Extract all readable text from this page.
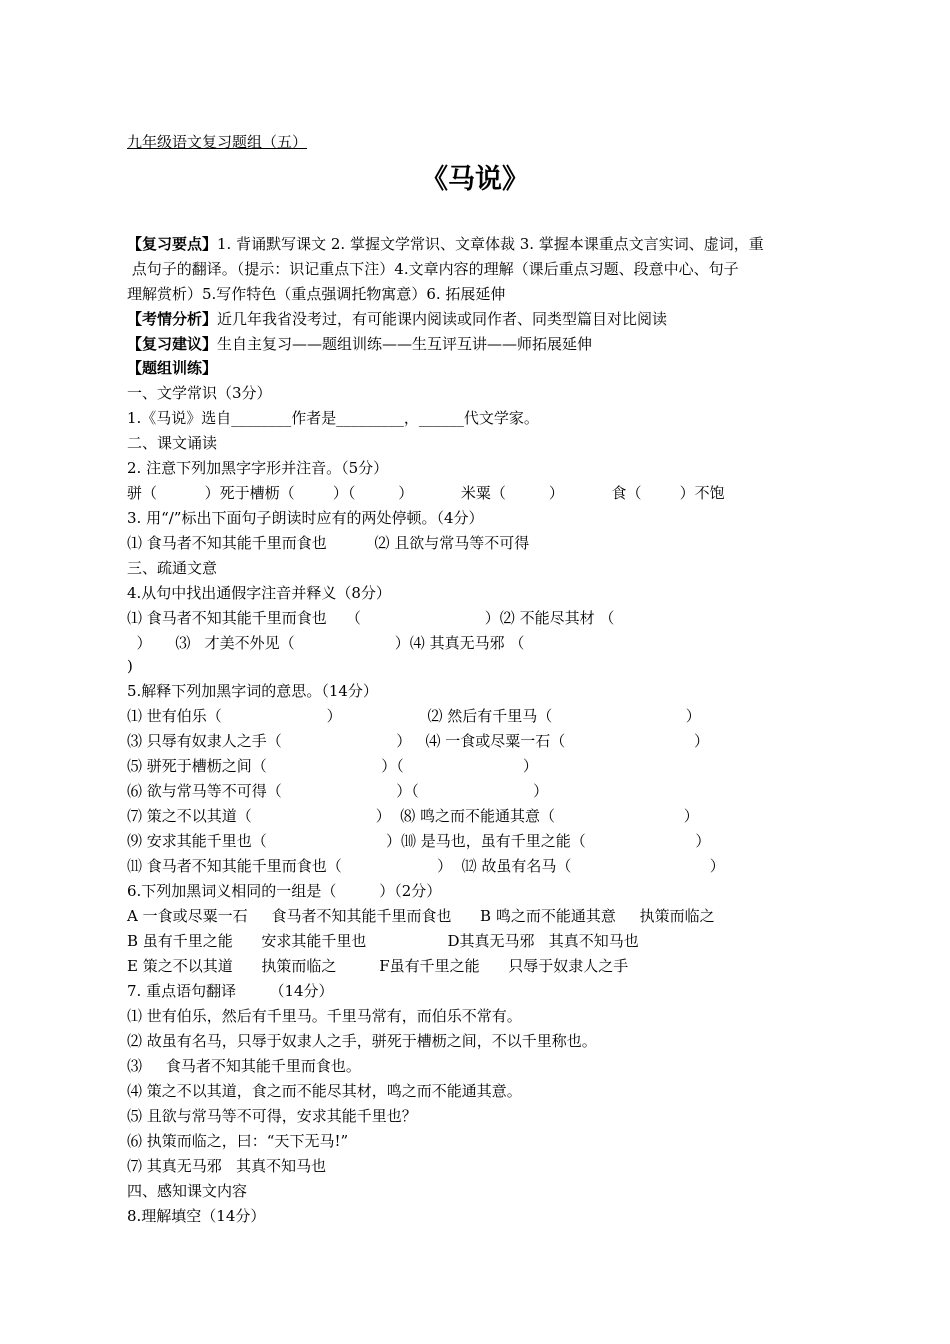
九年级语文复习题组（五）
《马说》
【复习要点】1. 背诵默写课文 2. 掌握文学常识、文章体裁 3. 掌握本课重点文言实词、虚词，重
点句子的翻译。（提示：识记重点下注）4.文章内容的理解（课后重点习题、段意中心、句子
理解赏析）5.写作特色（重点强调托物寓意）6. 拓展延伸
【考情分析】近几年我省没考过，有可能课内阅读或同作者、同类型篇目对比阅读
【复习建议】生自主复习——题组训练——生互评互讲——师拓展延伸
【题组训练】
一、文学常识（3分）
1.《马说》选自________作者是_________，______代文学家。
二、课文诵读
2. 注意下列加黑字字形并注音。（5分）
骈（          ）死于槽枥（        ）（         ）          米粟（         ）          食（        ）不饱
3. 用“/”标出下面句子朗读时应有的两处停顿。（4分）
⑴ 食马者不知其能千里而食也          ⑵ 且欲与常马等不可得
三、疏通文意
4.从句中找出通假字注音并释义（8分）
⑴ 食马者不知其能千里而食也    （                          ）⑵ 不能尽其材 （
）     ⑶   才美不外见（                     ）⑷ 其真无马邪 （
)
5.解释下列加黑字词的意思。（14分）
⑴ 世有伯乐（                      ）                  ⑵ 然后有千里马（                            ）
⑶ 只辱有奴隶人之手（                        ）   ⑷ 一食或尽粟一石（                           ）
⑸ 骈死于槽枥之间（                        ）（                         ）
⑹ 欲与常马等不可得（                        ）（                        ）
⑺ 策之不以其道（                          ）  ⑻ 鸣之而不能通其意（                           ）
⑼ 安求其能千里也（                         ）⑽ 是马也，虽有千里之能（                       ）
⑾ 食马者不知其能千里而食也（                    ）  ⑿ 故虽有名马（                             ）
6.下列加黑词义相同的一组是（         ）（2分）
A 一食或尽粟一石     食马者不知其能千里而食也      B 鸣之而不能通其意     执策而临之
B 虽有千里之能      安求其能千里也                 D其真无马邪   其真不知马也
E 策之不以其道      执策而临之         F虽有千里之能      只辱于奴隶人之手
7. 重点语句翻译       （14分）
⑴ 世有伯乐，然后有千里马。千里马常有，而伯乐不常有。
⑵ 故虽有名马，只辱于奴隶人之手，骈死于槽枥之间，不以千里称也。
⑶     食马者不知其能千里而食也。
⑷ 策之不以其道，食之而不能尽其材，鸣之而不能通其意。
⑸ 且欲与常马等不可得，安求其能千里也？
⑹ 执策而临之，曰：“天下无马!”
⑺ 其真无马邪   其真不知马也
四、感知课文内容
8.理解填空（14分）
